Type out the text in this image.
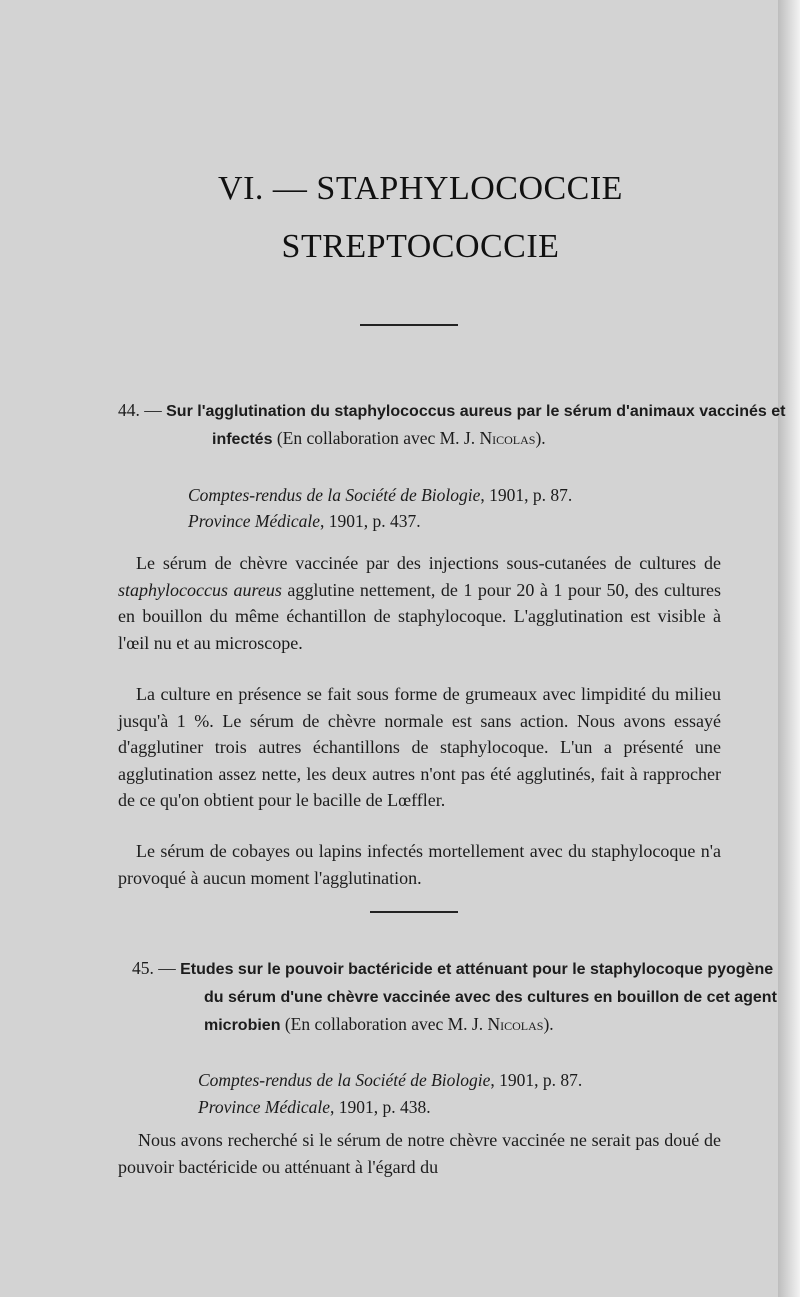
VI. — STAPHYLOCOCCIE
STREPTOCOCCIE
44. — Sur l'agglutination du staphylococcus aureus par le sérum d'animaux vaccinés et infectés (En collaboration avec M. J. Nicolas).
Comptes-rendus de la Société de Biologie, 1901, p. 87.
Province Médicale, 1901, p. 437.

Le sérum de chèvre vaccinée par des injections sous-cutanées de cultures de staphylococcus aureus agglutine nettement, de 1 pour 20 à 1 pour 50, des cultures en bouillon du même échantillon de staphylocoque. L'agglutination est visible à l'œil nu et au microscope.

La culture en présence se fait sous forme de grumeaux avec limpidité du milieu jusqu'à 1 %. Le sérum de chèvre normale est sans action. Nous avons essayé d'agglutiner trois autres échantillons de staphylocoque. L'un a présenté une agglutination assez nette, les deux autres n'ont pas été agglutinés, fait à rapprocher de ce qu'on obtient pour le bacille de Lœffler.

Le sérum de cobayes ou lapins infectés mortellement avec du staphylocoque n'a provoqué à aucun moment l'agglutination.

45. — Etudes sur le pouvoir bactéricide et atténuant pour le staphylocoque pyogène du sérum d'une chèvre vaccinée avec des cultures en bouillon de cet agent microbien (En collaboration avec M. J. Nicolas).
Comptes-rendus de la Société de Biologie, 1901, p. 87.
Province Médicale, 1901, p. 438.

Nous avons recherché si le sérum de notre chèvre vaccinée ne serait pas doué de pouvoir bactéricide ou atténuant à l'égard du
